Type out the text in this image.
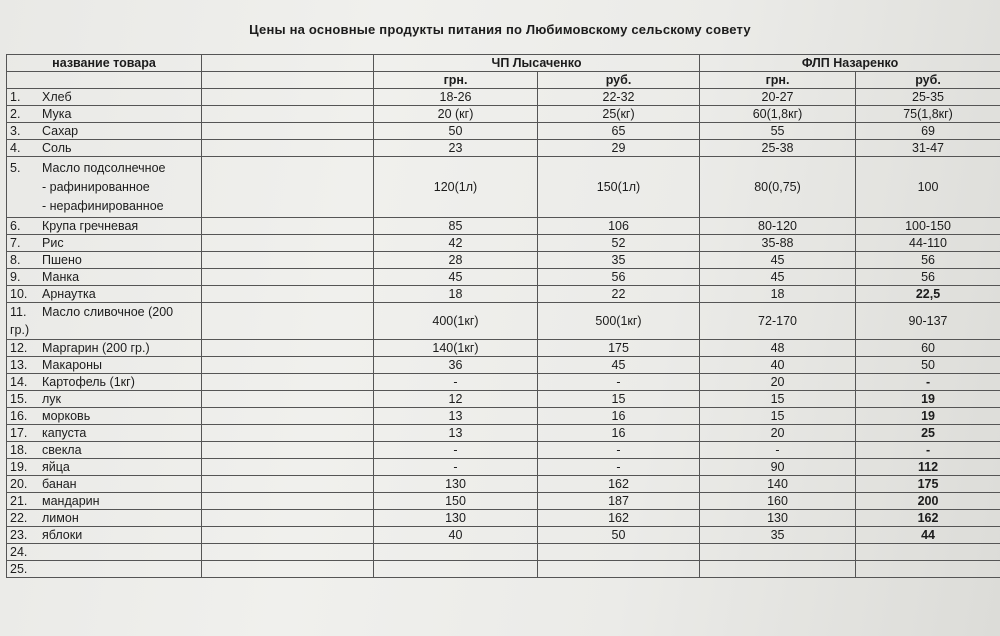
Цены на основные продукты питания по Любимовскому сельскому совету
название товара		ЧП Лысаченко		ФЛП Назаренко	
		грн.	руб.	грн.	руб.
1. Хлеб		18-26	22-32	20-27	25-35
2. Мука		20 (кг)	25(кг)	60(1,8кг)	75(1,8кг)
3. Сахар		50	65	55	69
4. Соль		23	29	25-38	31-47
5. Масло подсолнечное
- рафинированное
- нерафинированное		120(1л)	150(1л)	80(0,75)	100
6. Крупа гречневая		85	106	80-120	100-150
7. Рис		42	52	35-88	44-110
8. Пшено		28	35	45	56
9. Манка		45	56	45	56
10. Арнаутка		18	22	18	22,5
11. Масло сливочное (200
гр.)		400(1кг)	500(1кг)	72-170	90-137
12. Маргарин (200 гр.)		140(1кг)	175	48	60
13. Макароны		36	45	40	50
14. Картофель (1кг)		-	-	20	-
15. лук		12	15	15	19
16. морковь		13	16	15	19
17. капуста		13	16	20	25
18. свекла		-	-	-	-
19. яйца		-	-	90	112
20. банан		130	162	140	175
21. мандарин		150	187	160	200
22. лимон		130	162	130	162
23. яблоки		40	50	35	44
24.					
25.					
